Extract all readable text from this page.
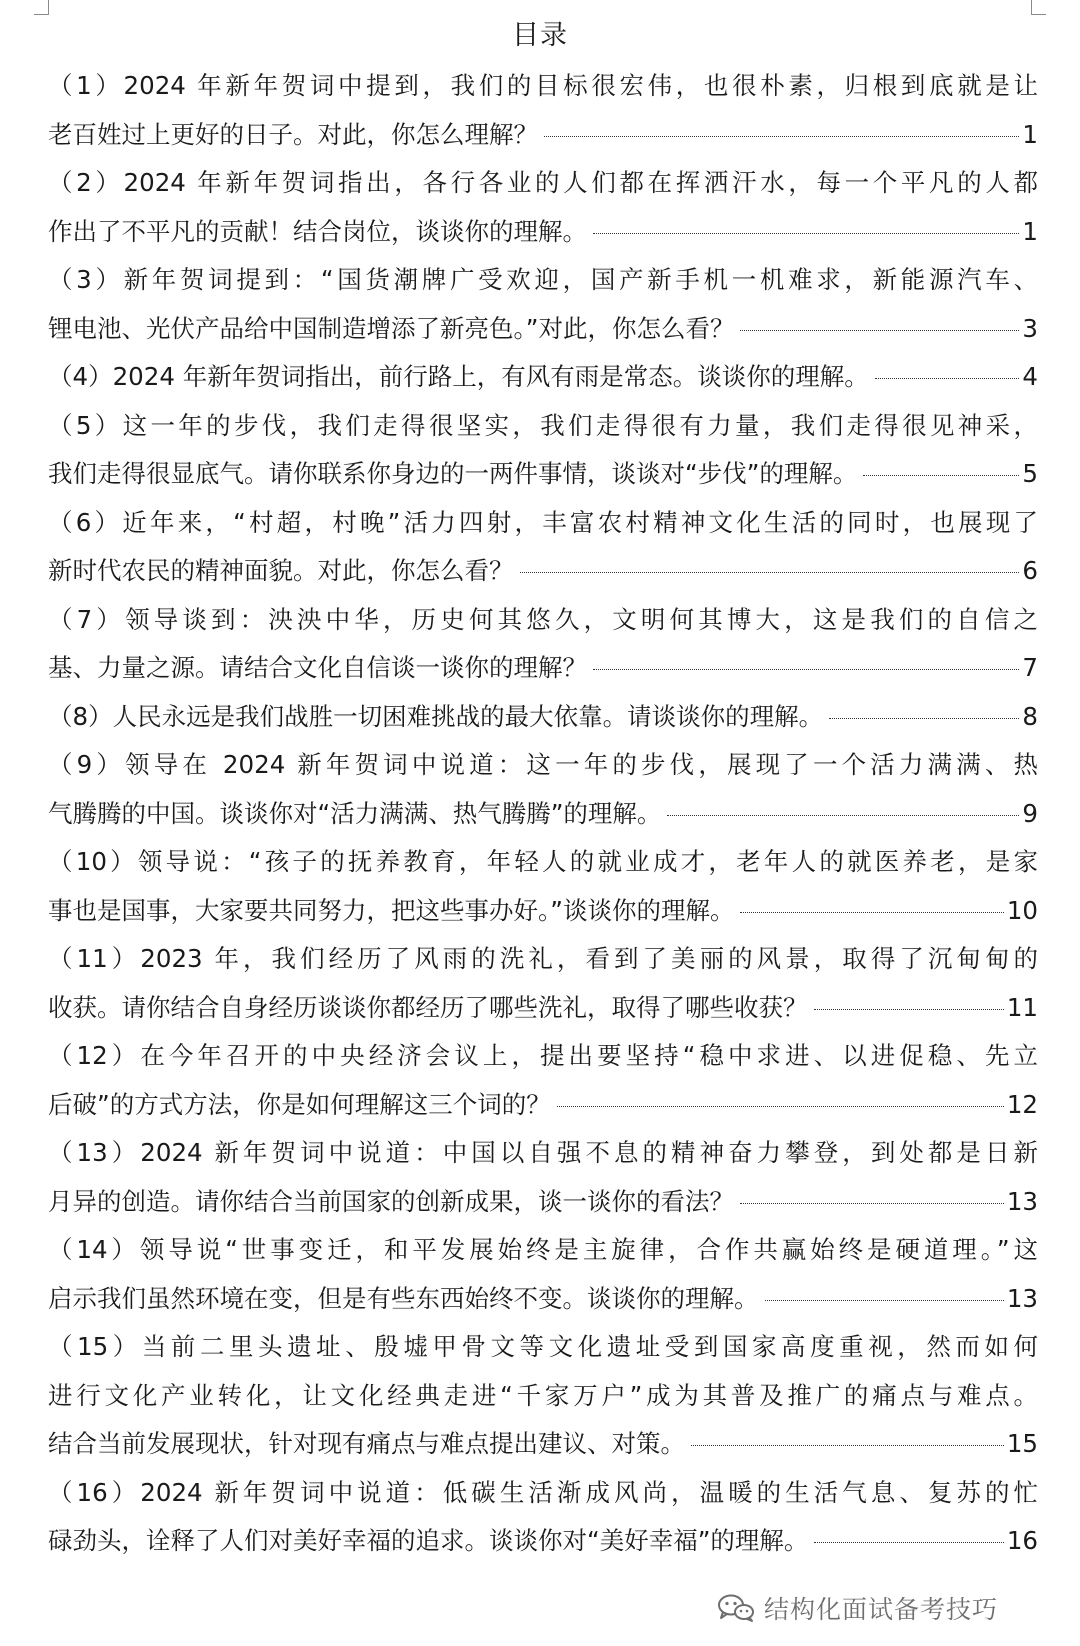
目录
（1）2024 年新年贺词中提到，我们的目标很宏伟，也很朴素，归根到底就是让
老百姓过上更好的日子。对此，你怎么理解？	1
（2）2024 年新年贺词指出，各行各业的人们都在挥洒汗水，每一个平凡的人都
作出了不平凡的贡献！结合岗位，谈谈你的理解。	1
（3）新年贺词提到：“国货潮牌广受欢迎，国产新手机一机难求，新能源汽车、
锂电池、光伏产品给中国制造增添了新亮色。”对此，你怎么看？	3
（4）2024 年新年贺词指出，前行路上，有风有雨是常态。谈谈你的理解。	4
（5）这一年的步伐，我们走得很坚实，我们走得很有力量，我们走得很见神采，
我们走得很显底气。请你联系你身边的一两件事情，谈谈对“步伐”的理解。	5
（6）近年来，“村超，村晚”活力四射，丰富农村精神文化生活的同时，也展现了
新时代农民的精神面貌。对此，你怎么看？	6
（7）领导谈到：泱泱中华，历史何其悠久，文明何其博大，这是我们的自信之
基、力量之源。请结合文化自信谈一谈你的理解？	7
（8）人民永远是我们战胜一切困难挑战的最大依靠。请谈谈你的理解。	8
（9）领导在 2024 新年贺词中说道：这一年的步伐，展现了一个活力满满、热
气腾腾的中国。谈谈你对“活力满满、热气腾腾”的理解。	9
（10）领导说：“孩子的抚养教育，年轻人的就业成才，老年人的就医养老，是家
事也是国事，大家要共同努力，把这些事办好。”谈谈你的理解。	10
（11）2023 年，我们经历了风雨的洗礼，看到了美丽的风景，取得了沉甸甸的
收获。请你结合自身经历谈谈你都经历了哪些洗礼，取得了哪些收获？	11
（12）在今年召开的中央经济会议上，提出要坚持“稳中求进、以进促稳、先立
后破”的方式方法，你是如何理解这三个词的？	12
（13）2024 新年贺词中说道：中国以自强不息的精神奋力攀登，到处都是日新
月异的创造。请你结合当前国家的创新成果，谈一谈你的看法？	13
（14）领导说“世事变迁，和平发展始终是主旋律，合作共赢始终是硬道理。”这
启示我们虽然环境在变，但是有些东西始终不变。谈谈你的理解。	13
（15）当前二里头遗址、殷墟甲骨文等文化遗址受到国家高度重视，然而如何
进行文化产业转化，让文化经典走进“千家万户”成为其普及推广的痛点与难点。
结合当前发展现状，针对现有痛点与难点提出建议、对策。	15
（16）2024 新年贺词中说道：低碳生活渐成风尚，温暖的生活气息、复苏的忙
碌劲头，诠释了人们对美好幸福的追求。谈谈你对“美好幸福”的理解。	16
结构化面试备考技巧
